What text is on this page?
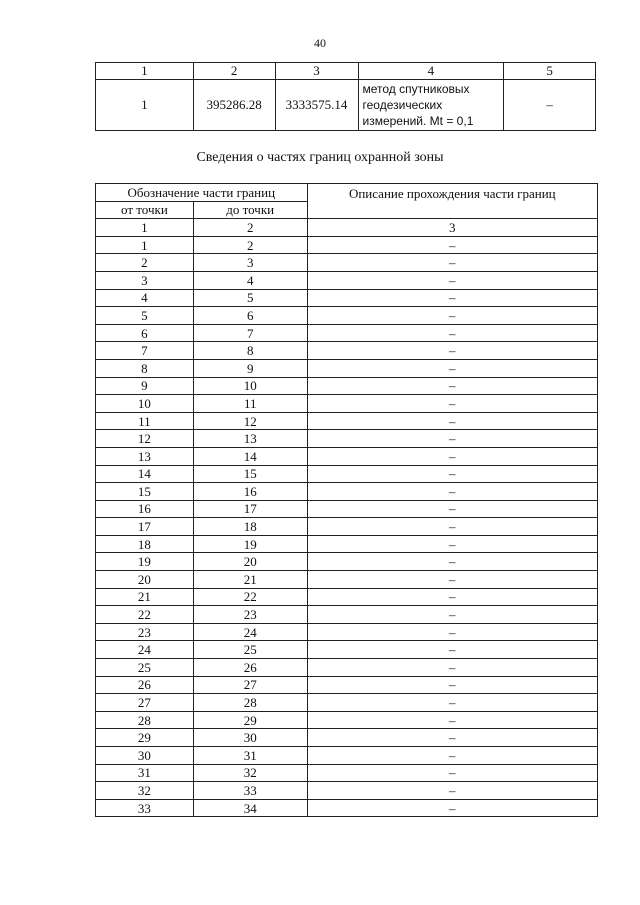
40
1	2	3	4	5
1	395286.28	3333575.14	метод спутниковых
геодезических
измерений. Mt = 0,1	–
Сведения о частях границ охранной зоны
Обозначение части границ		Описание прохождения части границ
от точки	до точки	
1	2	3
1	2	–
2	3	–
3	4	–
4	5	–
5	6	–
6	7	–
7	8	–
8	9	–
9	10	–
10	11	–
11	12	–
12	13	–
13	14	–
14	15	–
15	16	–
16	17	–
17	18	–
18	19	–
19	20	–
20	21	–
21	22	–
22	23	–
23	24	–
24	25	–
25	26	–
26	27	–
27	28	–
28	29	–
29	30	–
30	31	–
31	32	–
32	33	–
33	34	–
